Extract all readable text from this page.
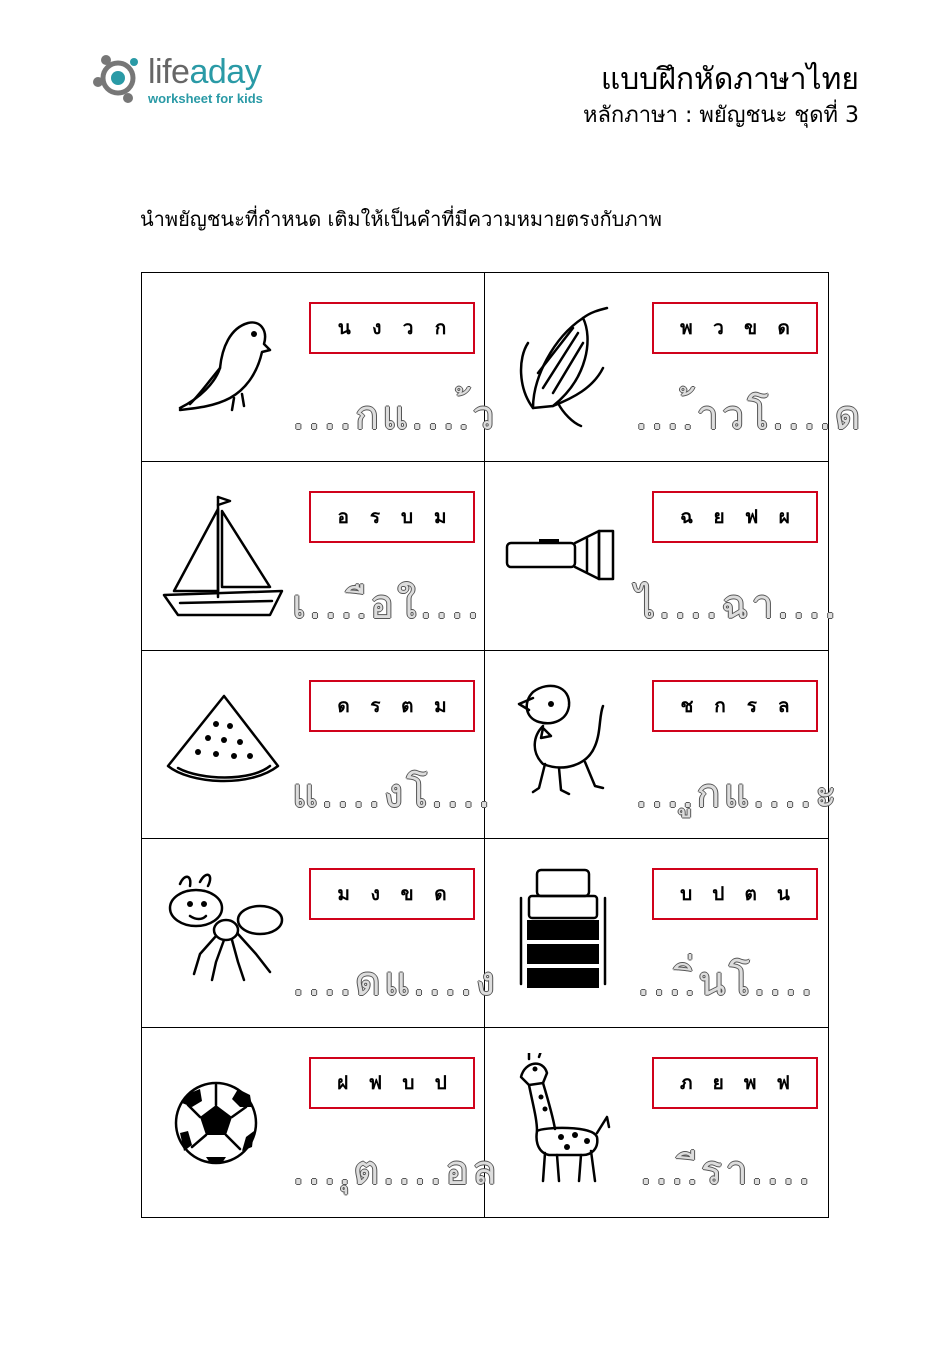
lifeaday
worksheet for kids
แบบฝึกหัดภาษาไทย
หลักภาษา : พยัญชนะ ชุดที่ 3
นำพยัญชนะที่กำหนด เติมให้เป็นคำที่มีความหมายตรงกับภาพ
น ง ว ก
....กแ....้ว
พ ว ข ด
....้าวโ....ด
อ ร บ ม
เ....ือใ....
ฉ ย ฟ ผ
ไ....ฉา....
ด ร ต ม
แ....งโ....
ช ก ร ล
....ูกแ....ะ
ม ง ข ด
....ดแ....ง
บ ป ต น
....ิ่นโ....
ฝ ฟ บ ป
....ุต....อล
ภ ย พ ฟ
....ีรา....
